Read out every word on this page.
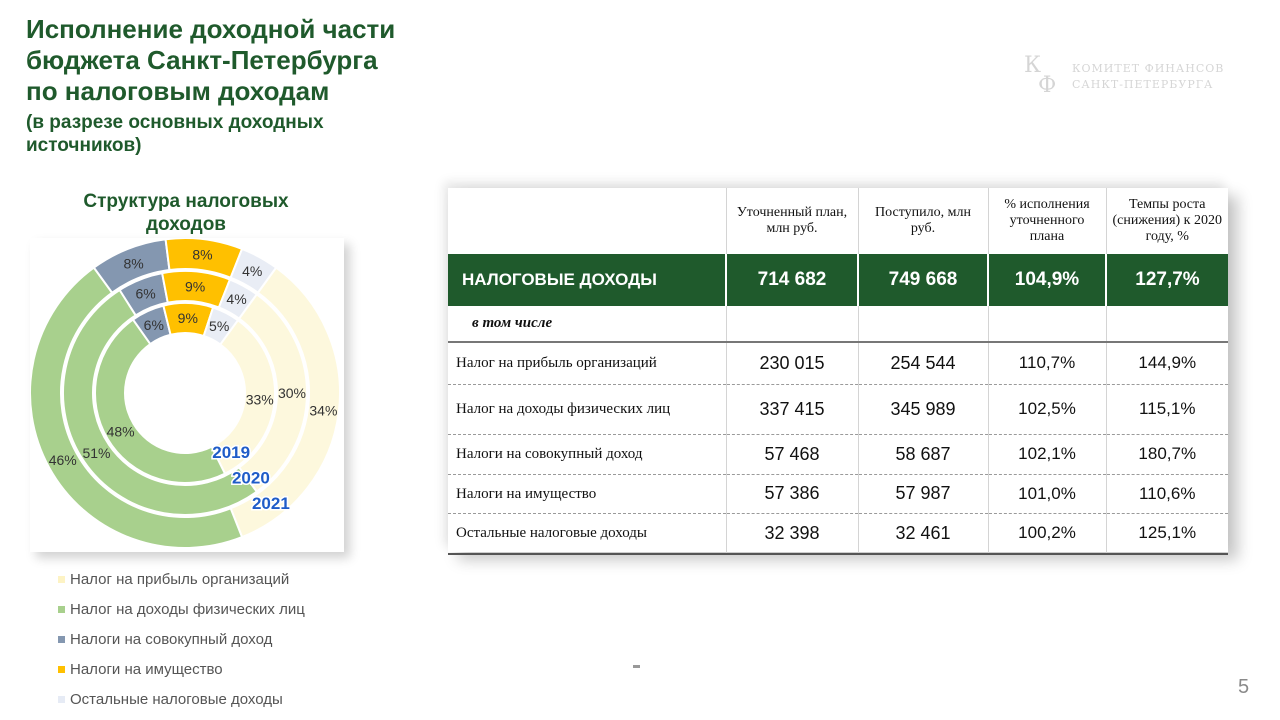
Исполнение доходной части
бюджета Санкт-Петербурга
по налоговым доходам
(в разрезе основных доходных источников)
К
Ф
КОМИТЕТ ФИНАНСОВ
САНКТ-ПЕТЕРБУРГА
Структура налоговых доходов
33%
48%
6% 9%
5%
30%
51%
6% 9%
4%
34%
46%
8%
8%
4%
2019
2020
2021
Налог на прибыль организаций
Налог на доходы физических лиц
Налоги на совокупный доход
Налоги на имущество
Остальные налоговые доходы
	Уточненный план, млн руб.	Поступило, млн руб.	% исполнения уточненного плана	Темпы роста (снижения) к 2020 году, %
НАЛОГОВЫЕ ДОХОДЫ	714 682	749 668	104,9%	127,7%
в том числе				
Налог на прибыль организаций	230 015	254 544	110,7%	144,9%
Налог на доходы физических лиц	337 415	345 989	102,5%	115,1%
Налоги на совокупный доход	57 468	58 687	102,1%	180,7%
Налоги на имущество	57 386	57 987	101,0%	110,6%
Остальные налоговые доходы	32 398	32 461	100,2%	125,1%
5
